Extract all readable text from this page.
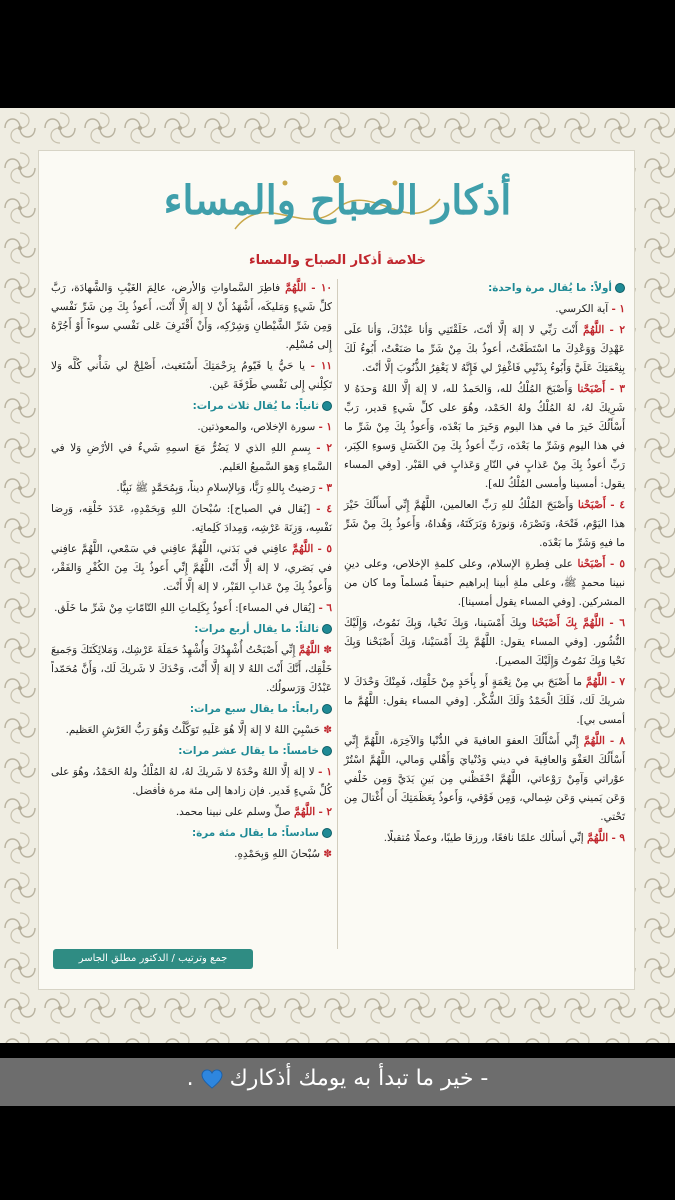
أذكار الصباح والمساء
خلاصة أذكار الصباح والمساء
أولاً: ما يُقال مرة واحدة:
١ - آية الكرسي.
٢ - اللَّهُمَّ أَنْتَ رَبِّي لا إلهَ إلَّا أنْتَ، خَلَقْتَنِي وَأنا عَبْدُكَ، وَأنا علَى عَهْدِكَ وَوَعْدِكَ ما اسْتَطَعْتُ، أعوذُ بكَ مِنْ شَرِّ ما صَنَعْتُ، أَبُوءُ لَكَ بِنِعْمَتِكَ عَلَيَّ وَأَبُوءُ بِذَنْبِي فَاغْفِرْ لي فَإِنَّهُ لا يَغْفِرُ الذُّنُوبَ إلَّا أنْتَ.
٣ - أَصْبَحْنا وَأَصْبَحَ المُلْكُ لله، وَالحَمدُ لله، لا إلهَ إلَّا اللهُ وَحدَهُ لا شَرِيكَ لهُ، لهُ المُلْكُ ولهُ الحَمْد، وهُوَ على كلِّ شَيءٍ قدير، رَبِّ أَسْأَلُكَ خَيرَ ما في هذا اليوم وَخَيرَ ما بَعْدَه، وَأَعوذُ بِكَ مِنْ شَرِّ ما في هذا اليوم وَشَرِّ ما بَعْدَه، رَبِّ أعوذُ بِكَ مِنَ الكَسَلِ وَسوءِ الكِبَر، رَبِّ أعوذُ بِكَ مِنْ عَذابٍ في النّارِ وَعَذابٍ في القَبْر. [وفي المساء يقول: أمسينا وأمسى المُلْكُ لله].
٤ - أَصْبَحْنا وَأَصْبَحَ المُلْكُ للهِ رَبِّ العالمين، اللَّهُمَّ إِنِّي أَسأَلُكَ خَيْرَ هذا اليَوْم، فَتْحَهُ، وَنَصْرَهُ، وَنورَهُ وَبَرَكَتَهُ، وَهُداهُ، وَأَعوذُ بِكَ مِنْ شَرِّ ما فيهِ وَشَرِّ ما بَعْدَه.
٥ - أَصْبَحْنا على فِطرةِ الإسلام، وعلى كلمةِ الإخلاص، وعلى دينِ نبينا محمدٍ ﷺ، وعلى ملةِ أبينا إبراهيم حنيفاً مُسلماً وما كان من المشركين. [وفي المساء يقول أمسينا].
٦ - اللَّهُمَّ بِكَ أَصْبَحْنا وبِكَ أَمْسَينا، وَبِكَ نَحْيا، وَبِكَ نَمُوتُ، وَإِلَيْكَ النُّشُور. [وفي المساء يقول: اللَّهُمَّ بِكَ أَمْسَيْنا، وَبِكَ أَصْبَحْنا وَبِكَ نَحْيا وَبِكَ نَمُوتُ وَإِلَيْكَ المصير].
٧ - اللَّهُمَّ ما أَصْبَحَ بي مِنْ نِعْمَةٍ أَو بِأَحَدٍ مِنْ خَلْقِك، فَمِنْكَ وَحْدَكَ لا شريكَ لَك، فَلَكَ الْحَمْدُ وَلَكَ الشُّكْر. [وفي المساء يقول: اللَّهُمَّ ما أمسى بي].
٨ - اللَّهُمَّ إِنِّي أَسْأَلُكَ العفوَ العافيةَ في الدُّنْيا وَالآخِرَة، اللَّهُمَّ إِنِّي أَسْأَلُكَ العَفْوَ وَالعافِيةَ في ديني وَدُنْيايَ وَأَهْلي وَمالي، اللَّهُمَّ اسْتُرْ عوْراتي وَآمِنْ رَوْعاتي، اللَّهُمَّ احْفَظْني مِن بَينِ يَدَيَّ وَمِن خَلْفي وَعَن يَميني وَعَن شِمالي، وَمِن فَوْقي، وَأَعوذُ بِعَظَمَتِكَ أَن أُغْتالَ مِن تَحْتي.
٩ - اللَّهُمَّ إنِّي أسألك علمًا نافعًا، ورزقا طيبًا، وعملًا مُتقبلًا.
١٠ - اللَّهُمَّ فاطِرَ السَّماواتِ وَالأرض، عالِمَ الغَيْبِ وَالشَّهادَة، رَبَّ كلِّ شَيءٍ وَمَليكَه، أَشْهَدُ أَنْ لا إِلهَ إِلَّا أَنْت، أَعوذُ بِكَ مِن شَرِّ نَفْسي وَمِن شَرِّ الشَّيْطانِ وَشِرْكِه، وَأَنْ أَقْتَرِفَ عَلى نَفْسي سوءاً أَوْ أَجُرَّهُ إِلى مُسْلِم.
١١ - يا حَيُّ يا قَيّومُ بِرَحْمَتِكَ أَسْتَغيث، أَصْلِحْ لي شَأْني كُلَّه وَلا تَكِلْني إِلى نَفْسي طَرْفَةَ عَين.
ثانياً: ما يُقال ثلاث مرات:
١ - سورة الإخلاص، والمعوذتين.
٢ - بِسمِ اللهِ الذي لا يَضُرُّ مَعَ اسمِهِ شَيءٌ في الأرْضِ وَلا في السَّماءِ وَهوَ السَّميعُ العَليم.
٣ - رَضيتُ بِاللهِ رَبًّا، وَبِالإسلامِ ديناً، وَبِمُحَمَّدٍ ﷺ نَبِيًّا.
٤ - [يُقال في الصباح]: سُبْحانَ اللهِ وَبِحَمْدِهِ، عَدَدَ خَلْقِه، وَرِضا نَفْسِه، وَزِنَةَ عَرْشِه، وَمِدادَ كَلِماتِه.
٥ - اللَّهُمَّ عافِني في بَدَني، اللَّهُمَّ عافِني في سَمْعي، اللَّهُمَّ عافِني في بَصَري، لا إلهَ إلَّا أَنْتَ، اللَّهُمَّ إِنِّي أَعوذُ بِكَ مِنَ الكُفْرِ وَالفَقْر، وَأَعوذُ بِكَ مِنْ عَذابِ القَبْر، لا إلهَ إلَّا أَنْت.
٦ - [يُقال في المساء]: أَعوذُ بِكَلِماتِ اللهِ التّامّاتِ مِنْ شَرِّ ما خَلَق.
ثالثاً: ما يقال أربع مرات:
✽ اللَّهُمَّ إِنِّي أَصْبَحْتُ أُشْهِدُكَ وَأُشْهِدُ حَمَلَةَ عَرْشِك، وَمَلائِكَتَكَ وَجَميعَ خَلْقِك، أَنَّكَ أَنْتَ اللهُ لا إلهَ إلَّا أَنْتَ، وَحْدَكَ لا شَريكَ لَك، وَأَنَّ مُحَمّداً عَبْدُكَ وَرَسولُك.
رابعاً: ما يقال سبع مرات:
✽ حَسْبِيَ اللهُ لا إلهَ إلَّا هُوَ عَلَيهِ تَوَكَّلْتُ وَهُوَ رَبُّ العَرْشِ العَظيم.
خامساً: ما يقال عشر مرات:
١ - لا إلهَ إلَّا اللهُ وحْدَهُ لا شَريكَ لهُ، لهُ المُلْكُ ولهُ الحَمْدُ، وهُوَ على كُلِّ شَيءٍ قَدير. فإن زادها إلى مئة مرة فأفضل.
٢ - اللَّهُمَّ صلِّ وسلم على نبينا محمد.
سادساً: ما يقال مئة مرة:
✽ سُبْحانَ اللهِ وَبِحَمْدِهِ.
جمع وترتيب / الدكتور مطلق الجاسر
- خير ما تبدأ به يومك أذكارك  .
